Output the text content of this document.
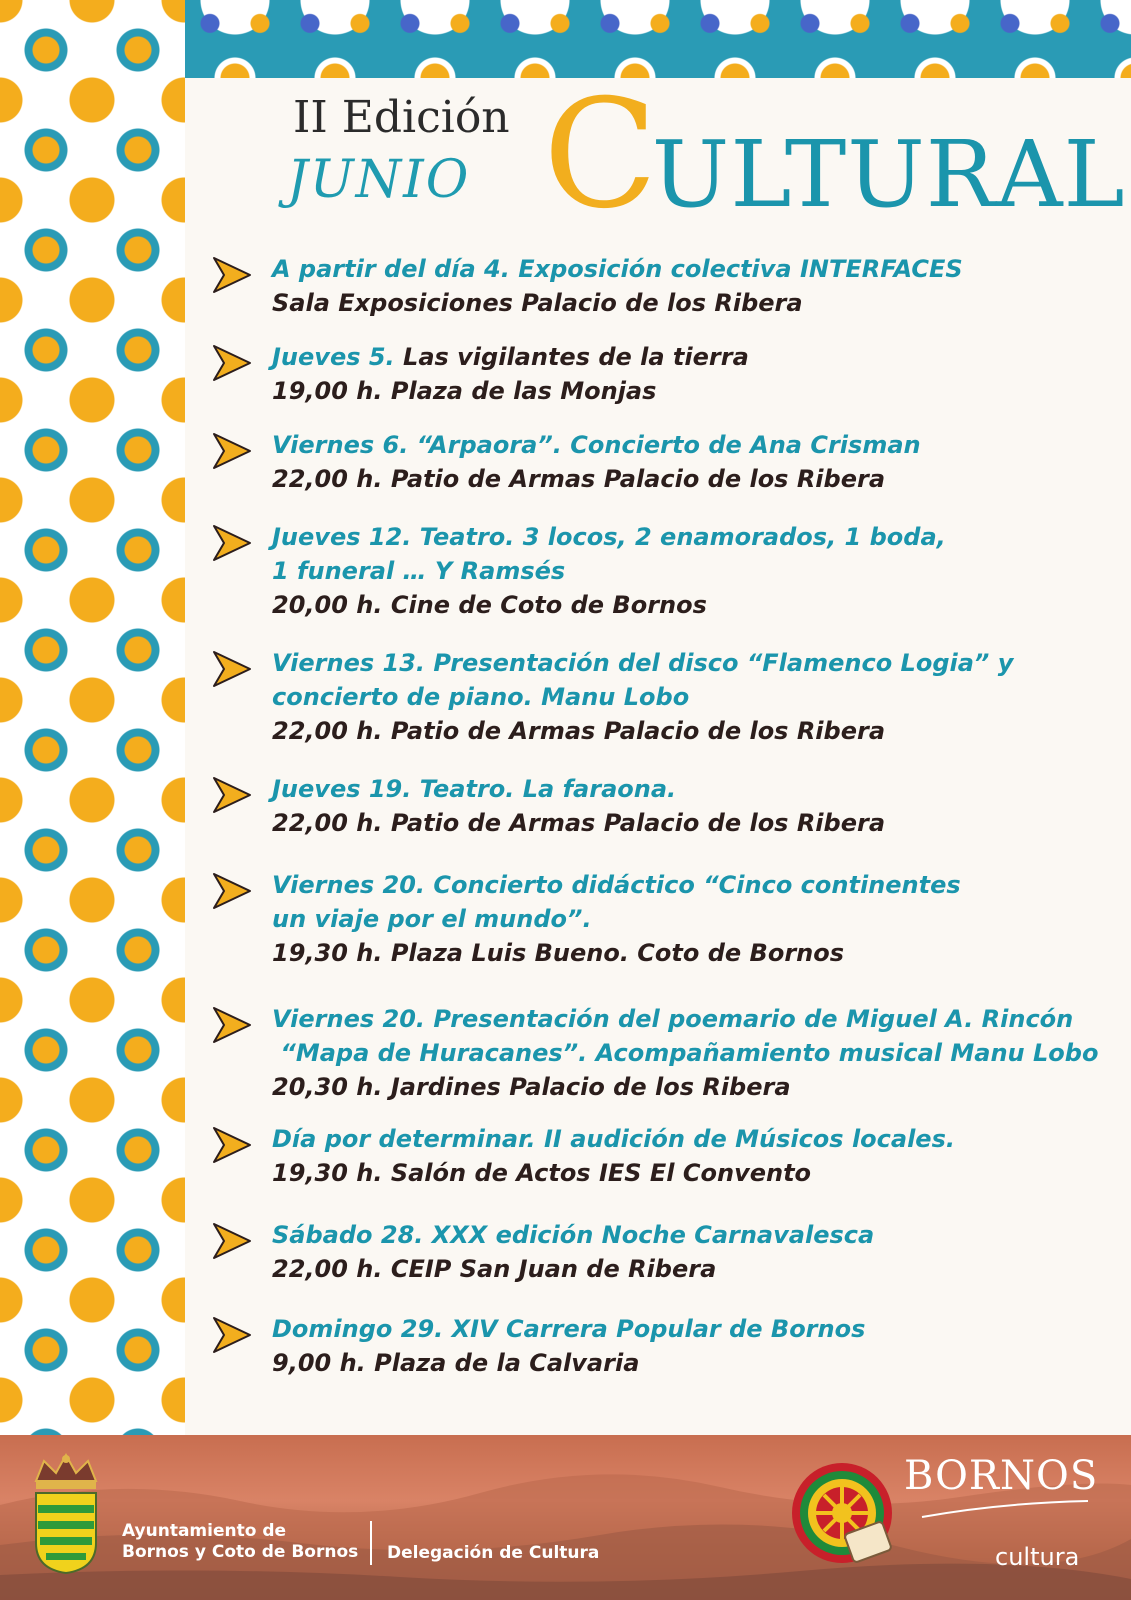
II Edición
JUNIO CULTURAL
A partir del día 4. Exposición colectiva INTERFACES
Sala Exposiciones Palacio de los Ribera
Jueves 5. Las vigilantes de la tierra
19,00 h. Plaza de las Monjas
Viernes 6. “Arpaora”. Concierto de Ana Crisman
22,00 h. Patio de Armas Palacio de los Ribera
Jueves 12. Teatro. 3 locos, 2 enamorados, 1 boda,
1 funeral … Y Ramsés
20,00 h. Cine de Coto de Bornos
Viernes 13. Presentación del disco “Flamenco Logia” y
concierto de piano. Manu Lobo
22,00 h. Patio de Armas Palacio de los Ribera
Jueves 19. Teatro. La faraona.
22,00 h. Patio de Armas Palacio de los Ribera
Viernes 20. Concierto didáctico “Cinco continentes
un viaje por el mundo”.
19,30 h. Plaza Luis Bueno. Coto de Bornos
Viernes 20. Presentación del poemario de Miguel A. Rincón
“Mapa de Huracanes”. Acompañamiento musical Manu Lobo
20,30 h. Jardines Palacio de los Ribera
Día por determinar. II audición de Músicos locales.
19,30 h. Salón de Actos IES El Convento
Sábado 28. XXX edición Noche Carnavalesca
22,00 h. CEIP San Juan de Ribera
Domingo 29. XIV Carrera Popular de Bornos
9,00 h. Plaza de la Calvaria
Ayuntamiento de
Bornos y Coto de Bornos Delegación de Cultura
BORNOS
cultura
